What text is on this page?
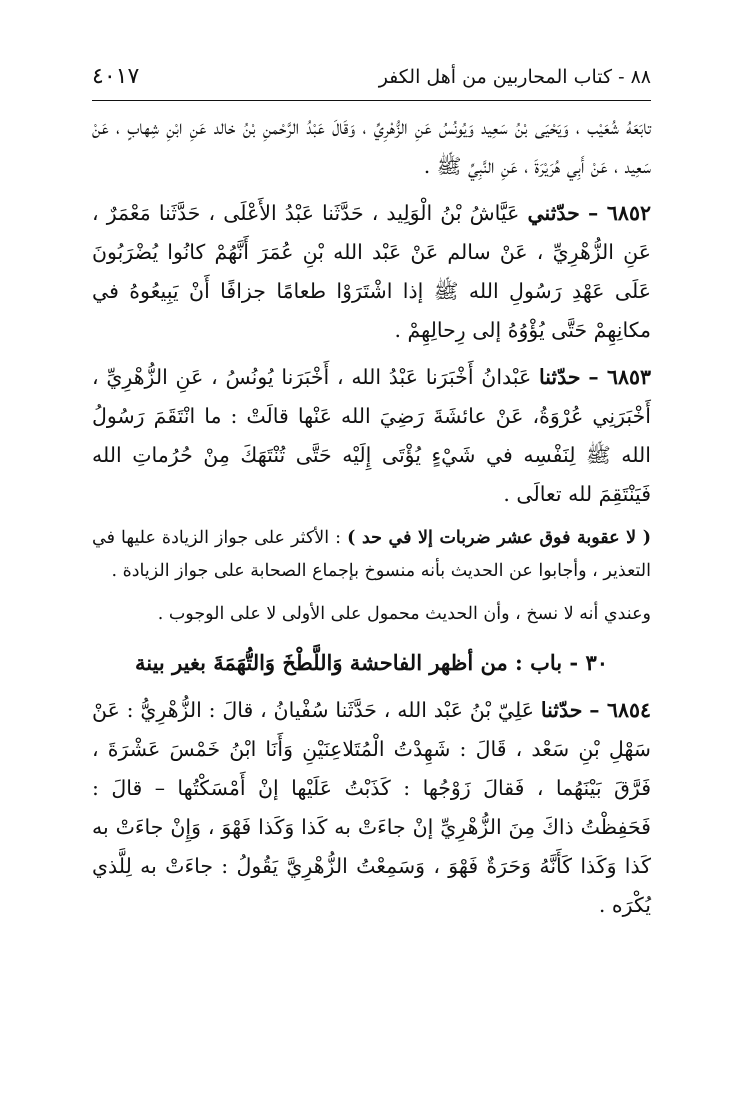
٨٨ - كتاب المحاربين من أهل الكفر
٤٠١٧

تابَعَهُ شُعَيْب ، وَيَحْيَى بْنُ سَعِيد وَيُونُسُ عَنِ الزُّهْرِيِّ ، وَقَالَ عَبْدُ الرَّحْمنِ بْنُ خالد عَنِ ابْنِ شِهابٍ ، عَنْ سَعِيد ، عَنْ أَبِي هُرَيْرَةَ ، عَنِ النَّبِيِّ ﷺ .

٦٨٥٢ – حدّثني عَيَّاشُ بْنُ الْوَلِيد ، حَدَّثَنا عَبْدُ الأَعْلَى ، حَدَّثَنا مَعْمَرٌ ، عَنِ الزُّهْرِيِّ ، عَنْ سالم عَنْ عَبْد الله بْنِ عُمَرَ أَنَّهُمْ كانُوا يُضْرَبُونَ عَلَى عَهْدِ رَسُولِ الله ﷺ إذا اشْتَرَوْا طعامًا جزافًا أَنْ يَبِيعُوهُ في مكانِهِمْ حَتَّى يُؤْوُهُ إلى رِحالِهِمْ .

٦٨٥٣ – حدّثنا عَبْدانُ أَخْبَرَنا عَبْدُ الله ، أَخْبَرَنا يُونُسُ ، عَنِ الزُّهْرِيِّ ، أَخْبَرَنِي عُرْوَةُ، عَنْ عائشَةَ رَضِيَ الله عَنْها قالَتْ : ما انْتَقَمَ رَسُولُ الله ﷺ لِنَفْسِه في شَيْءٍ يُؤْتَى إِلَيْه حَتَّى تُنْتَهَكَ مِنْ حُرُماتِ الله فَيَنْتَقِمَ لله تعالَى .

( لا عقوبة فوق عشر ضربات إلا في حد ) : الأكثر على جواز الزيادة عليها في التعذير ، وأجابوا عن الحديث بأنه منسوخ بإجماع الصحابة على جواز الزيادة .

وعندي أنه لا نسخ ، وأن الحديث محمول على الأولى لا على الوجوب .

٣٠ - باب : من أظهر الفاحشة وَاللَّطْخَ وَالتُّهَمَةَ بغير بينة

٦٨٥٤ – حدّثنا عَلِيّ بْنُ عَبْد الله ، حَدَّثَنا سُفْيانُ ، قالَ : الزُّهْرِيُّ : عَنْ سَهْلِ بْنِ سَعْد ، قَالَ : شَهِدْتُ الْمُتَلاعِنَيْنِ وَأَنَا ابْنُ خَمْسَ عَشْرَةَ ، فَرَّقَ بَيْنَهُما ، فَقالَ زَوْجُها : كَذَبْتُ عَلَيْها إنْ أَمْسَكْتُها – قالَ : فَحَفِظْتُ ذاكَ مِنَ الزُّهْرِيِّ إنْ جاءَتْ به كَذا وَكَذا فَهْوَ ، وَإِنْ جاءَتْ به كَذا وَكَذا كَأَنَّهُ وَحَرَةٌ فَهْوَ ، وَسَمِعْتُ الزُّهْرِيَّ يَقُولُ : جاءَتْ به لِلَّذي يُكْرَه .
